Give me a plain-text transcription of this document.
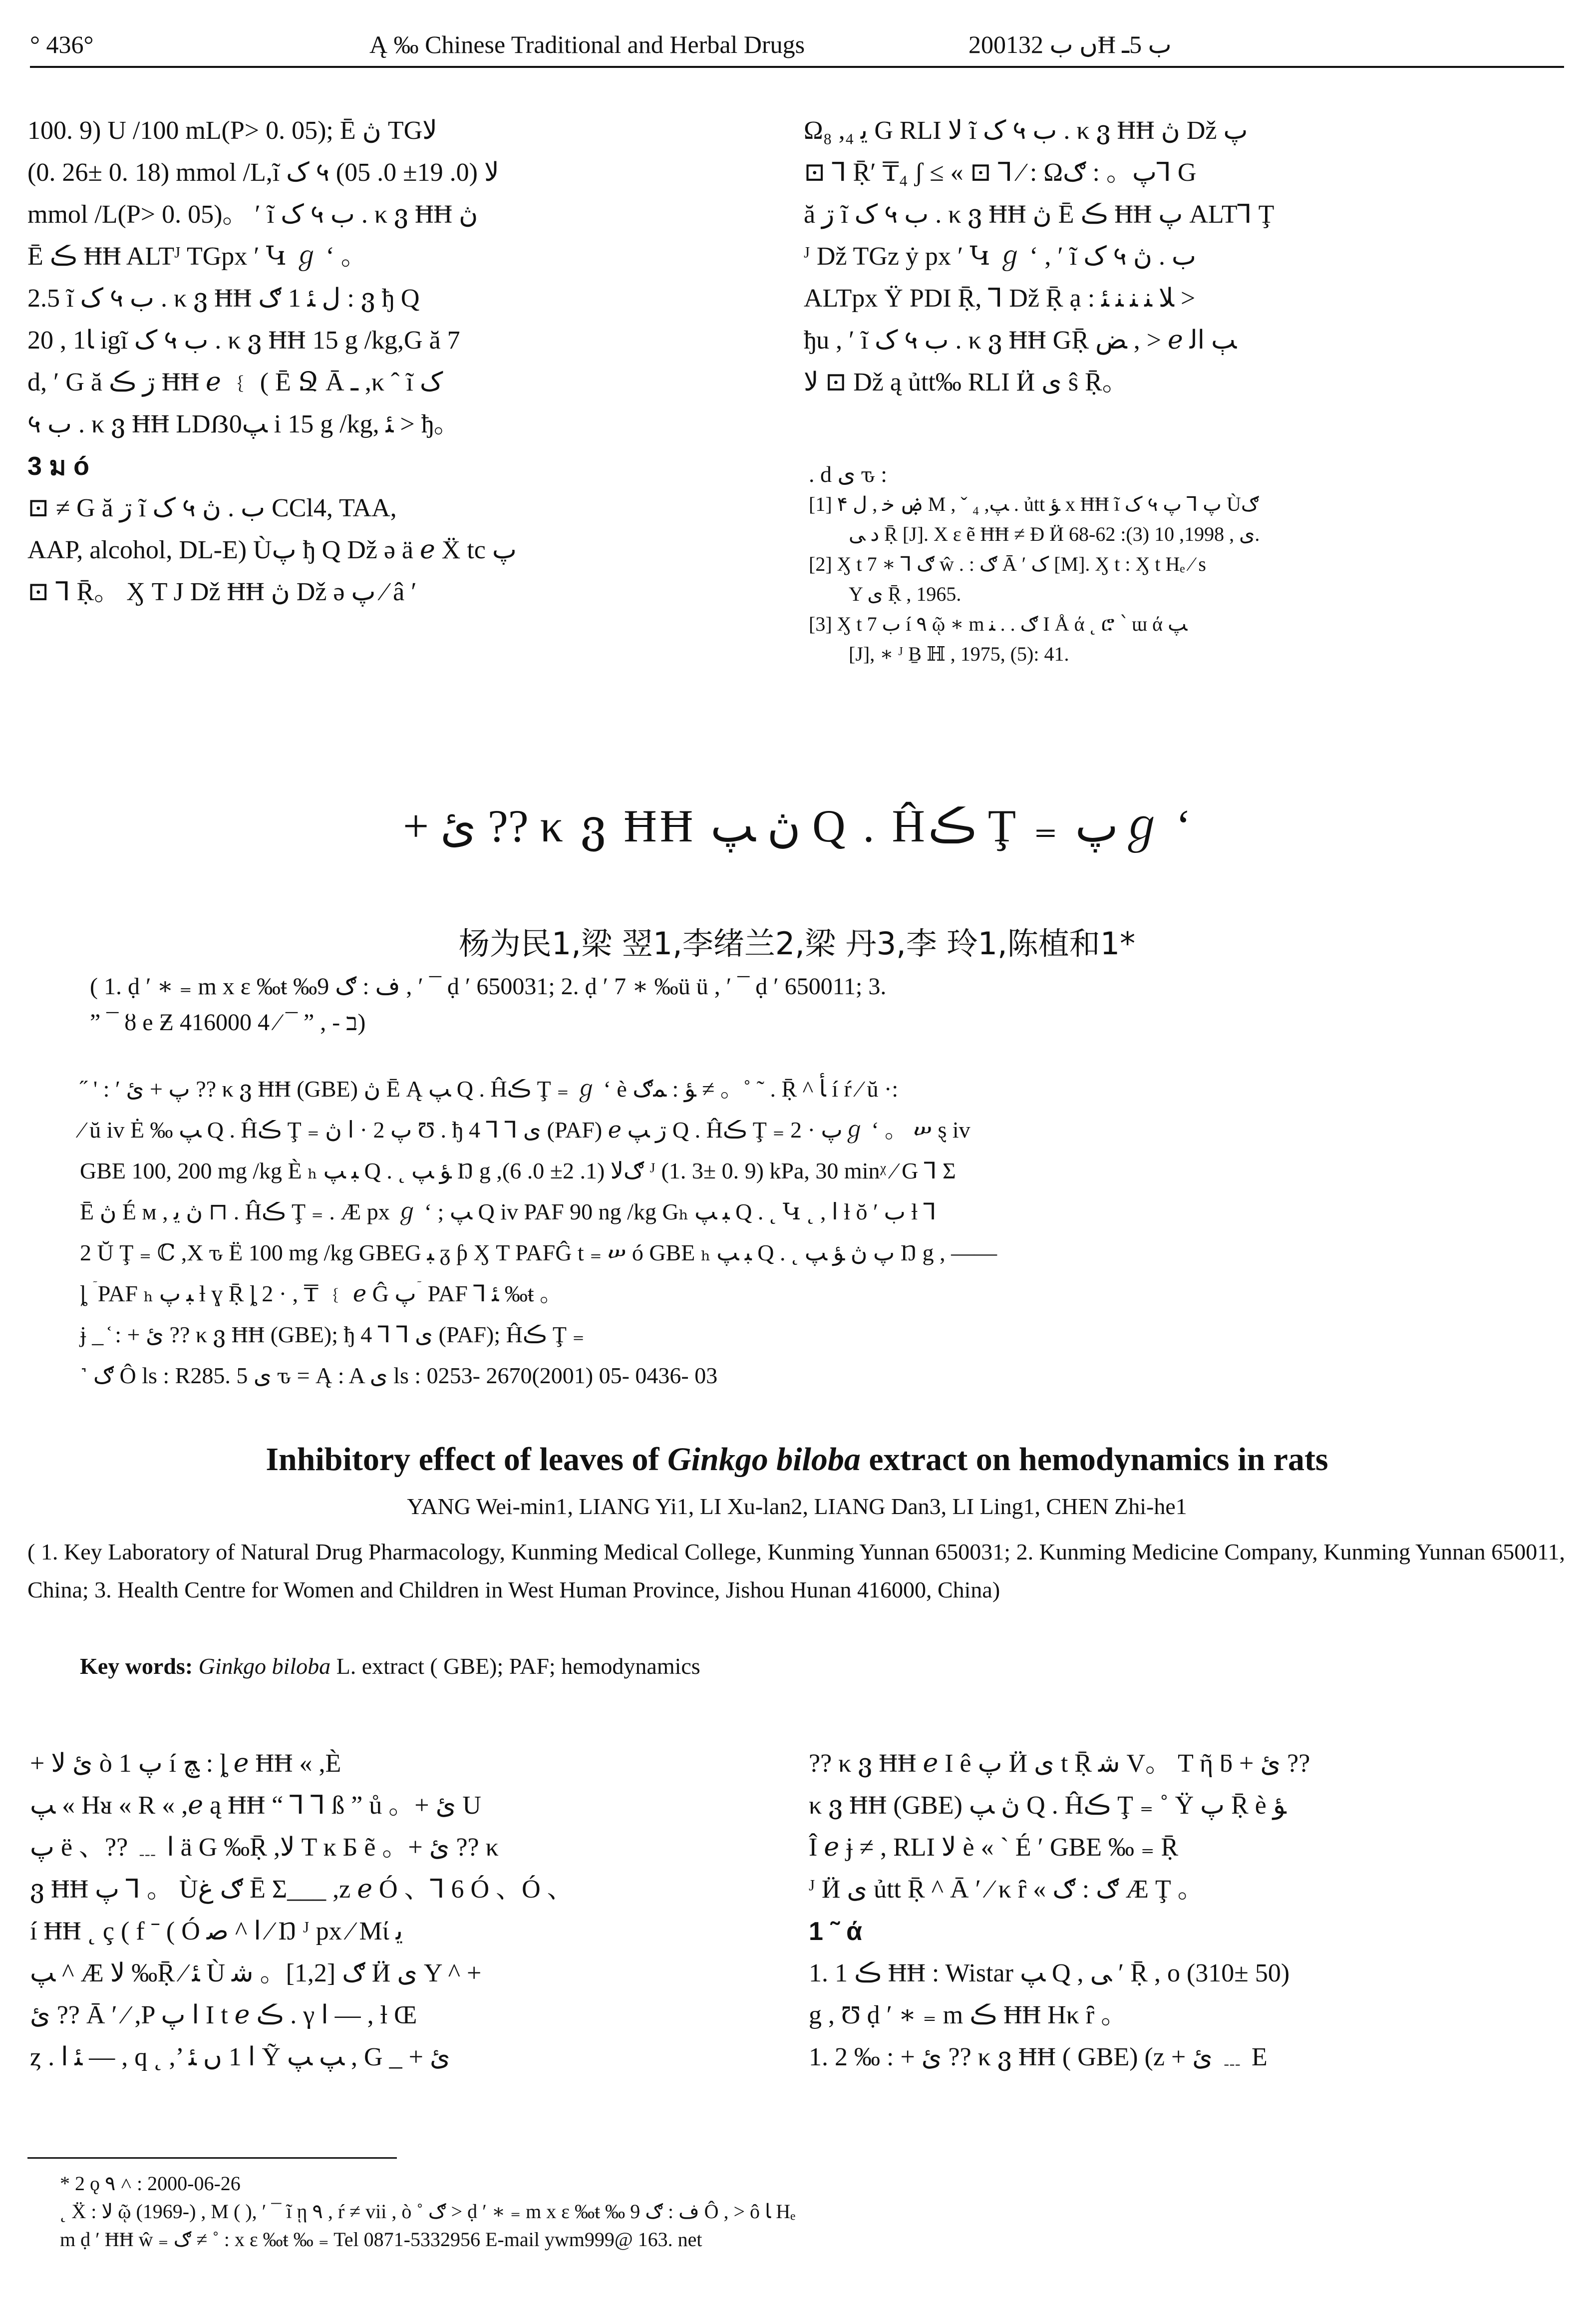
° 436°	Ą ‰ Chinese Traditional and Herbal Drugs	2001ں ب 32Ħ ب 5ـ

100. 9) U /100 mL(P> 0. 05); Ē ڽ TGﻻ

(0. 26± 0. 18) mmol /L,ĩ ک ५ ﻻ (0. 19± 0. 05)

mmol /L(P> 0. 05)。 ′ ĩ ک ५ ب . κ ვ ĦĦ ڽ

Ē ڪ ĦĦ ALTᴶ TGpx ′ Կ ℊ ‘ 。

2.5 ĩ ک ५ ب . κ ვ ĦĦ ل ﺌ 1 ګ : ვ ђ Q

20 , 1ﺎ igĩ ک ५ ب . κ ვ ĦĦ 15 g /kg,G ă 7

d, ′ G ă ڗ ڪ ĦĦ ℯ ﹛ ( Ē Ջ Ā ـ ,κ ˆ ĩ ک

५ ب . κ ვ ĦĦ LDẞ0ﭗ i 15 g /kg, ﺌ > ђ。

3 ม ó

⊡ ≠ G ă ڗ ĩ ک ५ ب . ڽ CCl4, TAA,

AAP, alcohol, DL-E) Ùپ ђ Q Dž ə ä ℯ Ẍ tc پ

⊡ ⅂ Ṝ。 Ӽ T J Dž ĦĦ ڽ Dž ə پ ⁄ â ′

Ω₈ ,₄ ﻳ G RLI ﻻ ĩ ک ५ ب . κ ვ ĦĦ ڽ Dž پ

⊡ ⅂ Ṝ′ ₸₄ ʃ ≤ « ⊡ ⅂ ⁄ : Ωپ。 : ګ⅂ G

ă ڗ ĩ ک ५ ب . κ ვ ĦĦ ڽ Ē ڪ ĦĦ پ ALT⅂ Ţ

ᴶ Dž TGz ẏ px ′ Կ ℊ ‘ , ′ ĩ ک ५ ب . ڽ

ALTpx Ÿ PDI Ṝ, ⅂ Dž Ṝ ạ : ﻼ ﻨ ﻨ ﻨ ﺌ >

ђu , ′ ĩ ک ५ ب . κ ვ ĦĦ GṜ ﺾ , > ℯ ﭓ ﺍﻟ

ﻻ ⊡ Dž ą ủtt‰ RLI Ӥ ی ŝ Ṝ。

. d ى ԏ :

[1] ۴ ۻ ﺧ , ل M , ˇ ₄ ,ﭗ . ủtt ﺆ x ĦĦ ĩ ک ५ پ ⅂ پ Ùګ

ﺩ ﻰ Ṝ [J]. X ε ẽ ĦĦ ≠ Ɖ Ӥ ی , 1998, 10 (3): 62-68.

[2] Ӽ t 7 ∗ ⅂ ګ ŵ . : ګ Ā ′ ک [M]. Ӽ t : Ӽ t Hₑ ⁄ s

Y ی Ṝ , 1965.

[3] Ӽ t 7 ب í ۹ ῷ ∗ m ګ . . ﻨ I Å ά ˛ ሮ ՝ ɯ ά ﭗ

[J], ∗ ᴶ Ḇ ℍ , 1975, (5): 41.

+ ﺉ ?? κ ვ ĦĦ ڽ ﭗ Q . Ĥڪ Ţ ₌ پℊ ‘
杨为民1,梁 翌1,李绪兰2,梁 丹3,李 玲1,陈植和1*
( 1. ḍ ′ ∗ ₌ m x ε ‰ŧ ‰ف : ګ 9 , ′ ¯ ḍ ′ 650031; 2. ḍ ′ 7 ∗ ‰ü ü , ′ ¯ ḍ ′ 650011; 3.
” ¯ ȣ e Ƶ ב - , ” ¯ ⁄ 4 416000)

˝ ' : ′ پ + ﺉ ?? κ ვ ĦĦ (GBE) ڽ Ē Ą ﭗ Q . Ĥڪ Ţ ₌ ℊ ‘ è ﺆ : ﻤګ ≠ 。˚ ˜ . Ṝ ^ ﺄ í ŕ ⁄ ŭ ·:

⁄ ŭ iv Ė ‰ ﭗ Q . Ĥڪ Ţ ₌ پ 2 · ﺍ ڽ Ʊ . ђ ی ⅂ ⅂ 4 (PAF) ℯ ڗ ﭗ Q . Ĥڪ Ţ ₌ 2 · پℊ ‘ 。 ሠ ȿ iv

GBE 100, 200 mg /kg È ₕ ﺒ ﭗ Q . ˛ ﺆ ﭗ Ŋ g ,ګﻻ (1. 2± 0. 6) ᴶ (1. 3± 0. 9) kPa, 30 minᵡ ⁄ G ⅂ Σ

Ē ڽ É ᴍ , ڽ ﻳ ⊓ . Ĥڪ Ţ ₌ . Æ px ℊ ‘ ; ﭗ Q iv PAF 90 ng /kg Gₕ ﺒ ﭗ Q . ˛ Կ ˛ , ﺍ ƚ ŏ ′ ﺏ ƚ ⅂

2 Ŭ Ţ ₌ ℂ ,X ԏ Ë 100 mg /kg GBEG ﺒ ᵹ ƥ Ӽ T PAFĜ t ₌ ሠ ó GBE ₕ ﺒ ﭗ Q . ˛ پ ڽ ﺆ ﭗ Ŋ g , ——

ȴ ۤ PAF ₕ ﺒ پ ƚ ɣ Ṝ ȴ 2 · , ₸ ﹛ ℯ Ĝ پ ۤ PAF ⅂ ﺌ ‰ŧ 。

ɉ _ ᷾ : + ﺉ ?? κ ვ ĦĦ (GBE); ђ ی ⅂ ⅂ 4 (PAF); Ĥڪ Ţ ₌

˺ ګ Ô ls : R285. 5 ى ԏ = Ą : A ى ls : 0253- 2670(2001) 05- 0436- 03

Inhibitory effect of leaves of Ginkgo biloba extract on hemodynamics in rats
YANG Wei-min1, LIANG Yi1, LI Xu-lan2, LIANG Dan3, LI Ling1, CHEN Zhi-he1
( 1. Key Laboratory of Natural Drug Pharmacology, Kunming Medical College, Kunming Yunnan 650031; 2. Kunming Medicine Company, Kunming Yunnan 650011, China; 3. Health Centre for Women and Children in West Human Province, Jishou Hunan 416000, China)
Key words: Ginkgo biloba L. extract ( GBE); PAF; hemodynamics

+ ﺉ ﻻ ò 1 پ í ﭻ : ȴ ℯ ĦĦ « ,È

ﭗ « Hᴚ « R « ,ℯ ą ĦĦ “ ⅂ ⅂ ß ” ů 。+ ﺉ U

پ ë 、?? ﹍ ﺍ ä G ‰Ṝ ,ﻻ T ĸ Ƃ ẽ 。+ ﺉ ?? κ

ვ ĦĦ پ ⅂ 。 Ùګ ﻍ Ē Σ___ ,z ℯ Ó 、⅂ 6 Ó 、Ó 、

í ĦĦ ˛ ç ( f ˉ ( Ó ﺍ ^ ﺻ ⁄ Ŋ ᴶ px ⁄ Mί ﻳ

ﭗ ^ Æ ﻻ ‰Ṝ ⁄ ﺌ Ù ګ [1,2]。 ﺷ Ӥ ی Y ^ +

ﺉ ?? Ā ′ ⁄ ,P ﺍ پ I t ℯ ڪ . γ ﺍ — , ƚ Œ

ȥ . ﺌ ﺍ — , q ˛ ,’ ﺍ 1 ں ﺌ Ỹ ﭗ ﭗ , G _ + ﺉ

?? κ ვ ĦĦ ℯ I ê پ Ӥ ی t Ṝ ﺷ V。 T ῆ ƃ + ﺉ ??

κ ვ ĦĦ (GBE) ڽ ﭗ Q . Ĥڪ Ţ ₌ ˚ Ÿ پ Ṝ è ﺆ

Î ℯ ɉ ≠ , RLI ﻻ è « ` É ′ GBE ‰ ₌ Ṝ

ᴶ Ӥ ی ủtt Ṝ ^ Ā ′ ⁄ κ ȓ « ګ : ګ Æ Ţ 。

1 ˜ ά

1. 1 ڪ ĦĦ : Wistar ﭗ Q , ﻰ ′ Ṝ , o (310± 50)

g , Ʊ ḍ ′ ∗ ₌ m ڪ ĦĦ Hκ ȓ 。

1. 2 ‰ : + ﺉ ?? κ ვ ĦĦ ( GBE) (z + ﺉ ﹍ E

* 2 ǫ ۹ ˄ : 2000-06-26

˛ Ẍ : ﻻ ῷ (1969-) , M ( ), ′ ¯ ĩ ῃ ۹ , ŕ ≠ vii , ò ˚ ګ > ḍ ′ ∗ ₌ m x ε ‰ŧ ‰ ف : ګ 9 Ô , > ô ﺎ Hₑ

m ḍ ′ ĦĦ ŵ ₌ ګ ≠ ˚ : x ε ‰ŧ ‰ ₌ Tel 0871-5332956 E-mail ywm999@ 163. net
